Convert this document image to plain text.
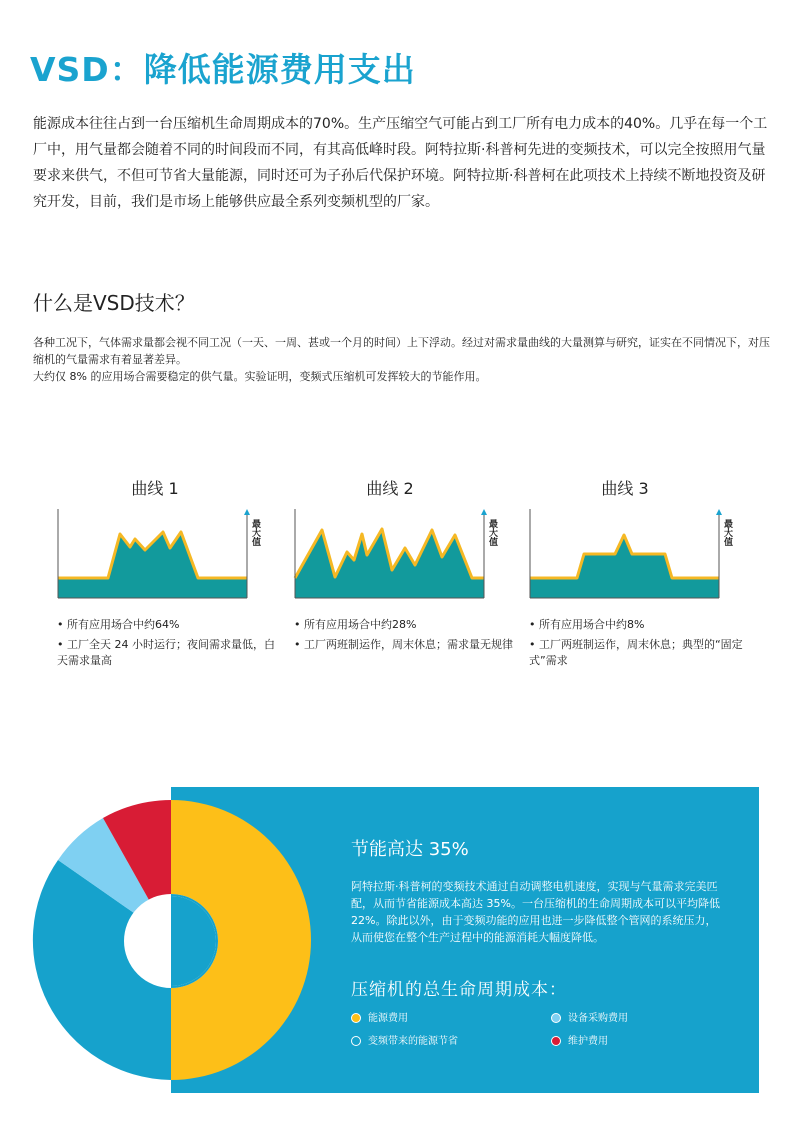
VSD：降低能源费用支出

能源成本往往占到一台压缩机生命周期成本的70%。生产压缩空气可能占到工厂所有电力成本的40%。几乎在每一个工厂中，用气量都会随着不同的时间段而不同，有其高低峰时段。阿特拉斯·科普柯先进的变频技术，可以完全按照用气量要求来供气，不但可节省大量能源，同时还可为子孙后代保护环境。阿特拉斯·科普柯在此项技术上持续不断地投资及研究开发，目前，我们是市场上能够供应最全系列变频机型的厂家。

什么是VSD技术？
各种工况下，气体需求量都会视不同工况（一天、一周、甚或一个月的时间）上下浮动。经过对需求量曲线的大量测算与研究，证实在不同情况下，对压缩机的气量需求有着显著差异。
大约仅 8% 的应用场合需要稳定的供气量。实验证明，变频式压缩机可发挥较大的节能作用。
曲线 1
最大值
• 所有应用场合中约64%
• 工厂全天 24 小时运行；夜间需求量低，白天需求量高
曲线 2
最大值
• 所有应用场合中约28%
• 工厂两班制运作，周末休息；需求量无规律
曲线 3
最大值
• 所有应用场合中约8%
• 工厂两班制运作，周末休息；典型的“固定式”需求
节能高达 35%

阿特拉斯·科普柯的变频技术通过自动调整电机速度，实现与气量需求完美匹配，从而节省能源成本高达 35%。一台压缩机的生命周期成本可以平均降低 22%。除此以外，由于变频功能的应用也进一步降低整个管网的系统压力，从而使您在整个生产过程中的能源消耗大幅度降低。

压缩机的总生命周期成本：
能源费用	设备采购费用
变频带来的能源节省	维护费用
